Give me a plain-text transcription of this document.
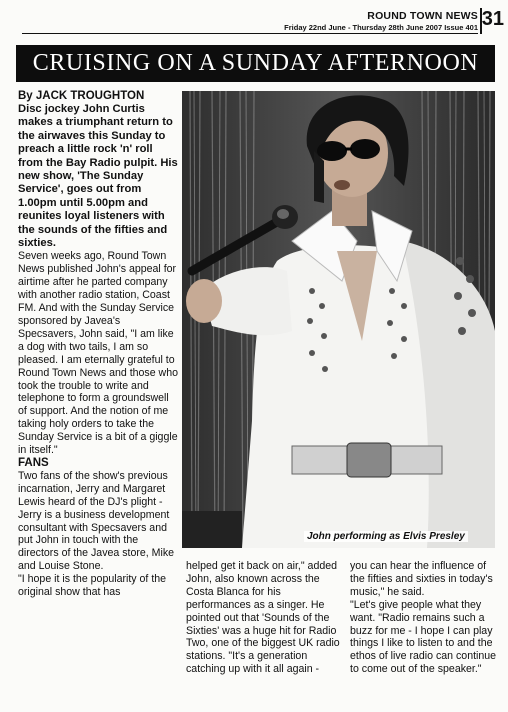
ROUND TOWN NEWS
Friday 22nd June - Thursday 28th June 2007 Issue 401 31
CRUISING ON A SUNDAY AFTERNOON

By JACK TROUGHTON

Disc jockey John Curtis makes a triumphant return to the airwaves this Sunday to preach a little rock 'n' roll from the Bay Radio pulpit. His new show, 'The Sunday Service', goes out from 1.00pm until 5.00pm and reunites loyal listeners with the sounds of the fifties and sixties.

Seven weeks ago, Round Town News published John's appeal for airtime after he parted company with another radio station, Coast FM. And with the Sunday Service sponsored by Javea's Specsavers, John said, "I am like a dog with two tails, I am so pleased. I am eternally grateful to Round Town News and those who took the trouble to write and telephone to form a groundswell of support. And the notion of me taking holy orders to take the Sunday Service is a bit of a giggle in itself."

FANS

Two fans of the show's previous incarnation, Jerry and Margaret Lewis heard of the DJ's plight - Jerry is a business development consultant with Specsavers and put John in touch with the directors of the Javea store, Mike and Louise Stone.

"I hope it is the popularity of the original show that has

John performing as Elvis Presley

helped get it back on air," added John, also known across the Costa Blanca for his performances as a singer. He pointed out that 'Sounds of the Sixties' was a huge hit for Radio Two, one of the biggest UK radio stations. "It's a generation catching up with it all again -

you can hear the influence of the fifties and sixties in today's music," he said.

"Let's give people what they want. "Radio remains such a buzz for me - I hope I can play things I like to listen to and the ethos of live radio can continue to come out of the speaker."
